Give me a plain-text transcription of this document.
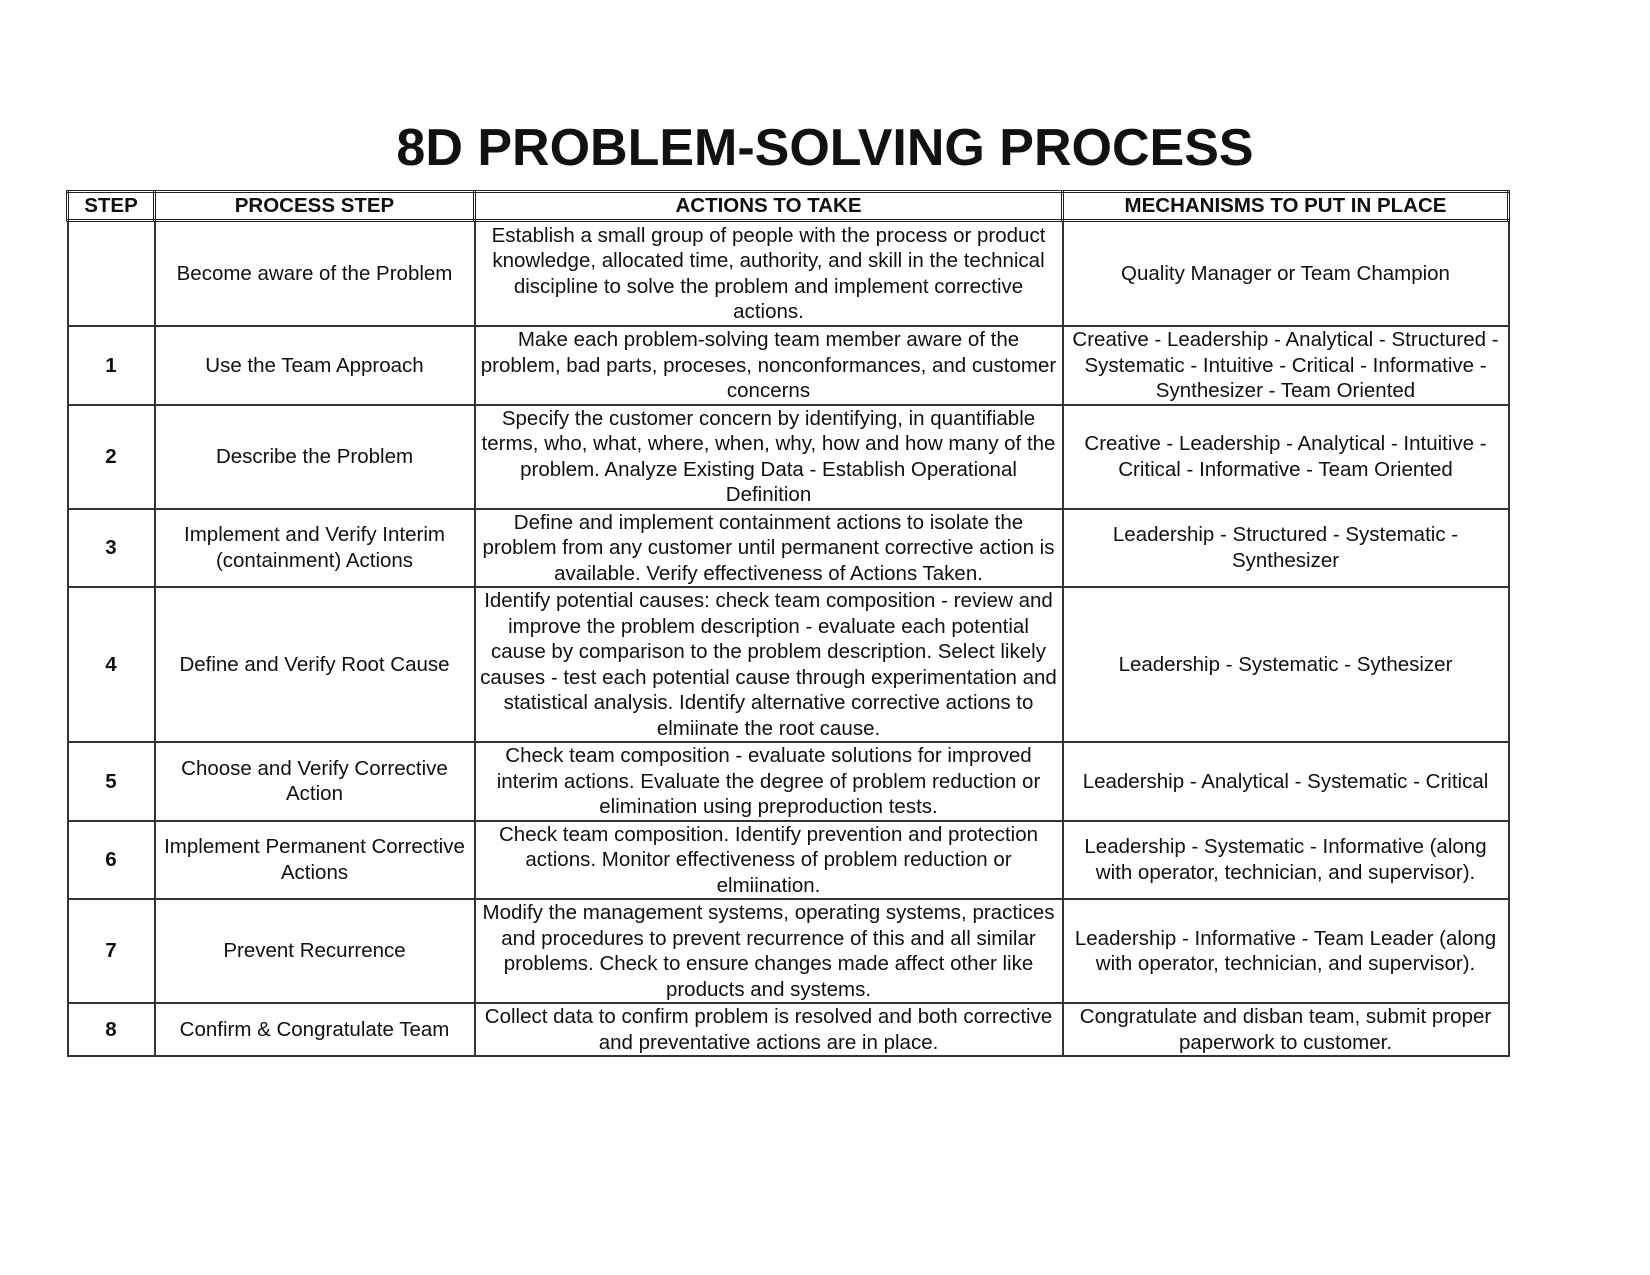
8D PROBLEM-SOLVING PROCESS
STEP	PROCESS STEP	ACTIONS TO TAKE	MECHANISMS TO PUT IN PLACE
	Become aware of the Problem	Establish a small group of people with the process or product knowledge, allocated time, authority, and skill in the technical discipline to solve the problem and implement corrective actions.	Quality Manager or Team Champion
1	Use the Team Approach	Make each problem-solving team member aware of the problem, bad parts, proceses, nonconformances, and customer concerns	Creative - Leadership - Analytical - Structured - Systematic - Intuitive - Critical - Informative - Synthesizer - Team Oriented
2	Describe the Problem	Specify the customer concern by identifying, in quantifiable terms, who, what, where, when, why, how and how many of the problem. Analyze Existing Data - Establish Operational Definition	Creative - Leadership - Analytical - Intuitive - Critical - Informative - Team Oriented
3	Implement and Verify Interim (containment) Actions	Define and implement containment actions to isolate the problem from any customer until permanent corrective action is available. Verify effectiveness of Actions Taken.	Leadership - Structured - Systematic - Synthesizer
4	Define and Verify Root Cause	Identify potential causes: check team composition - review and improve the problem description - evaluate each potential cause by comparison to the problem description. Select likely causes - test each potential cause through experimentation and statistical analysis. Identify alternative corrective actions to elmiinate the root cause.	Leadership - Systematic - Sythesizer
5	Choose and Verify Corrective Action	Check team composition - evaluate solutions for improved interim actions. Evaluate the degree of problem reduction or elimination using preproduction tests.	Leadership - Analytical - Systematic - Critical
6	Implement Permanent Corrective Actions	Check team composition. Identify prevention and protection actions. Monitor effectiveness of problem reduction or elmiination.	Leadership - Systematic - Informative (along with operator, technician, and supervisor).
7	Prevent Recurrence	Modify the management systems, operating systems, practices and procedures to prevent recurrence of this and all similar problems. Check to ensure changes made affect other like products and systems.	Leadership - Informative - Team Leader (along with operator, technician, and supervisor).
8	Confirm & Congratulate Team	Collect data to confirm problem is resolved and both corrective and preventative actions are in place.	Congratulate and disban team, submit proper paperwork to customer.
